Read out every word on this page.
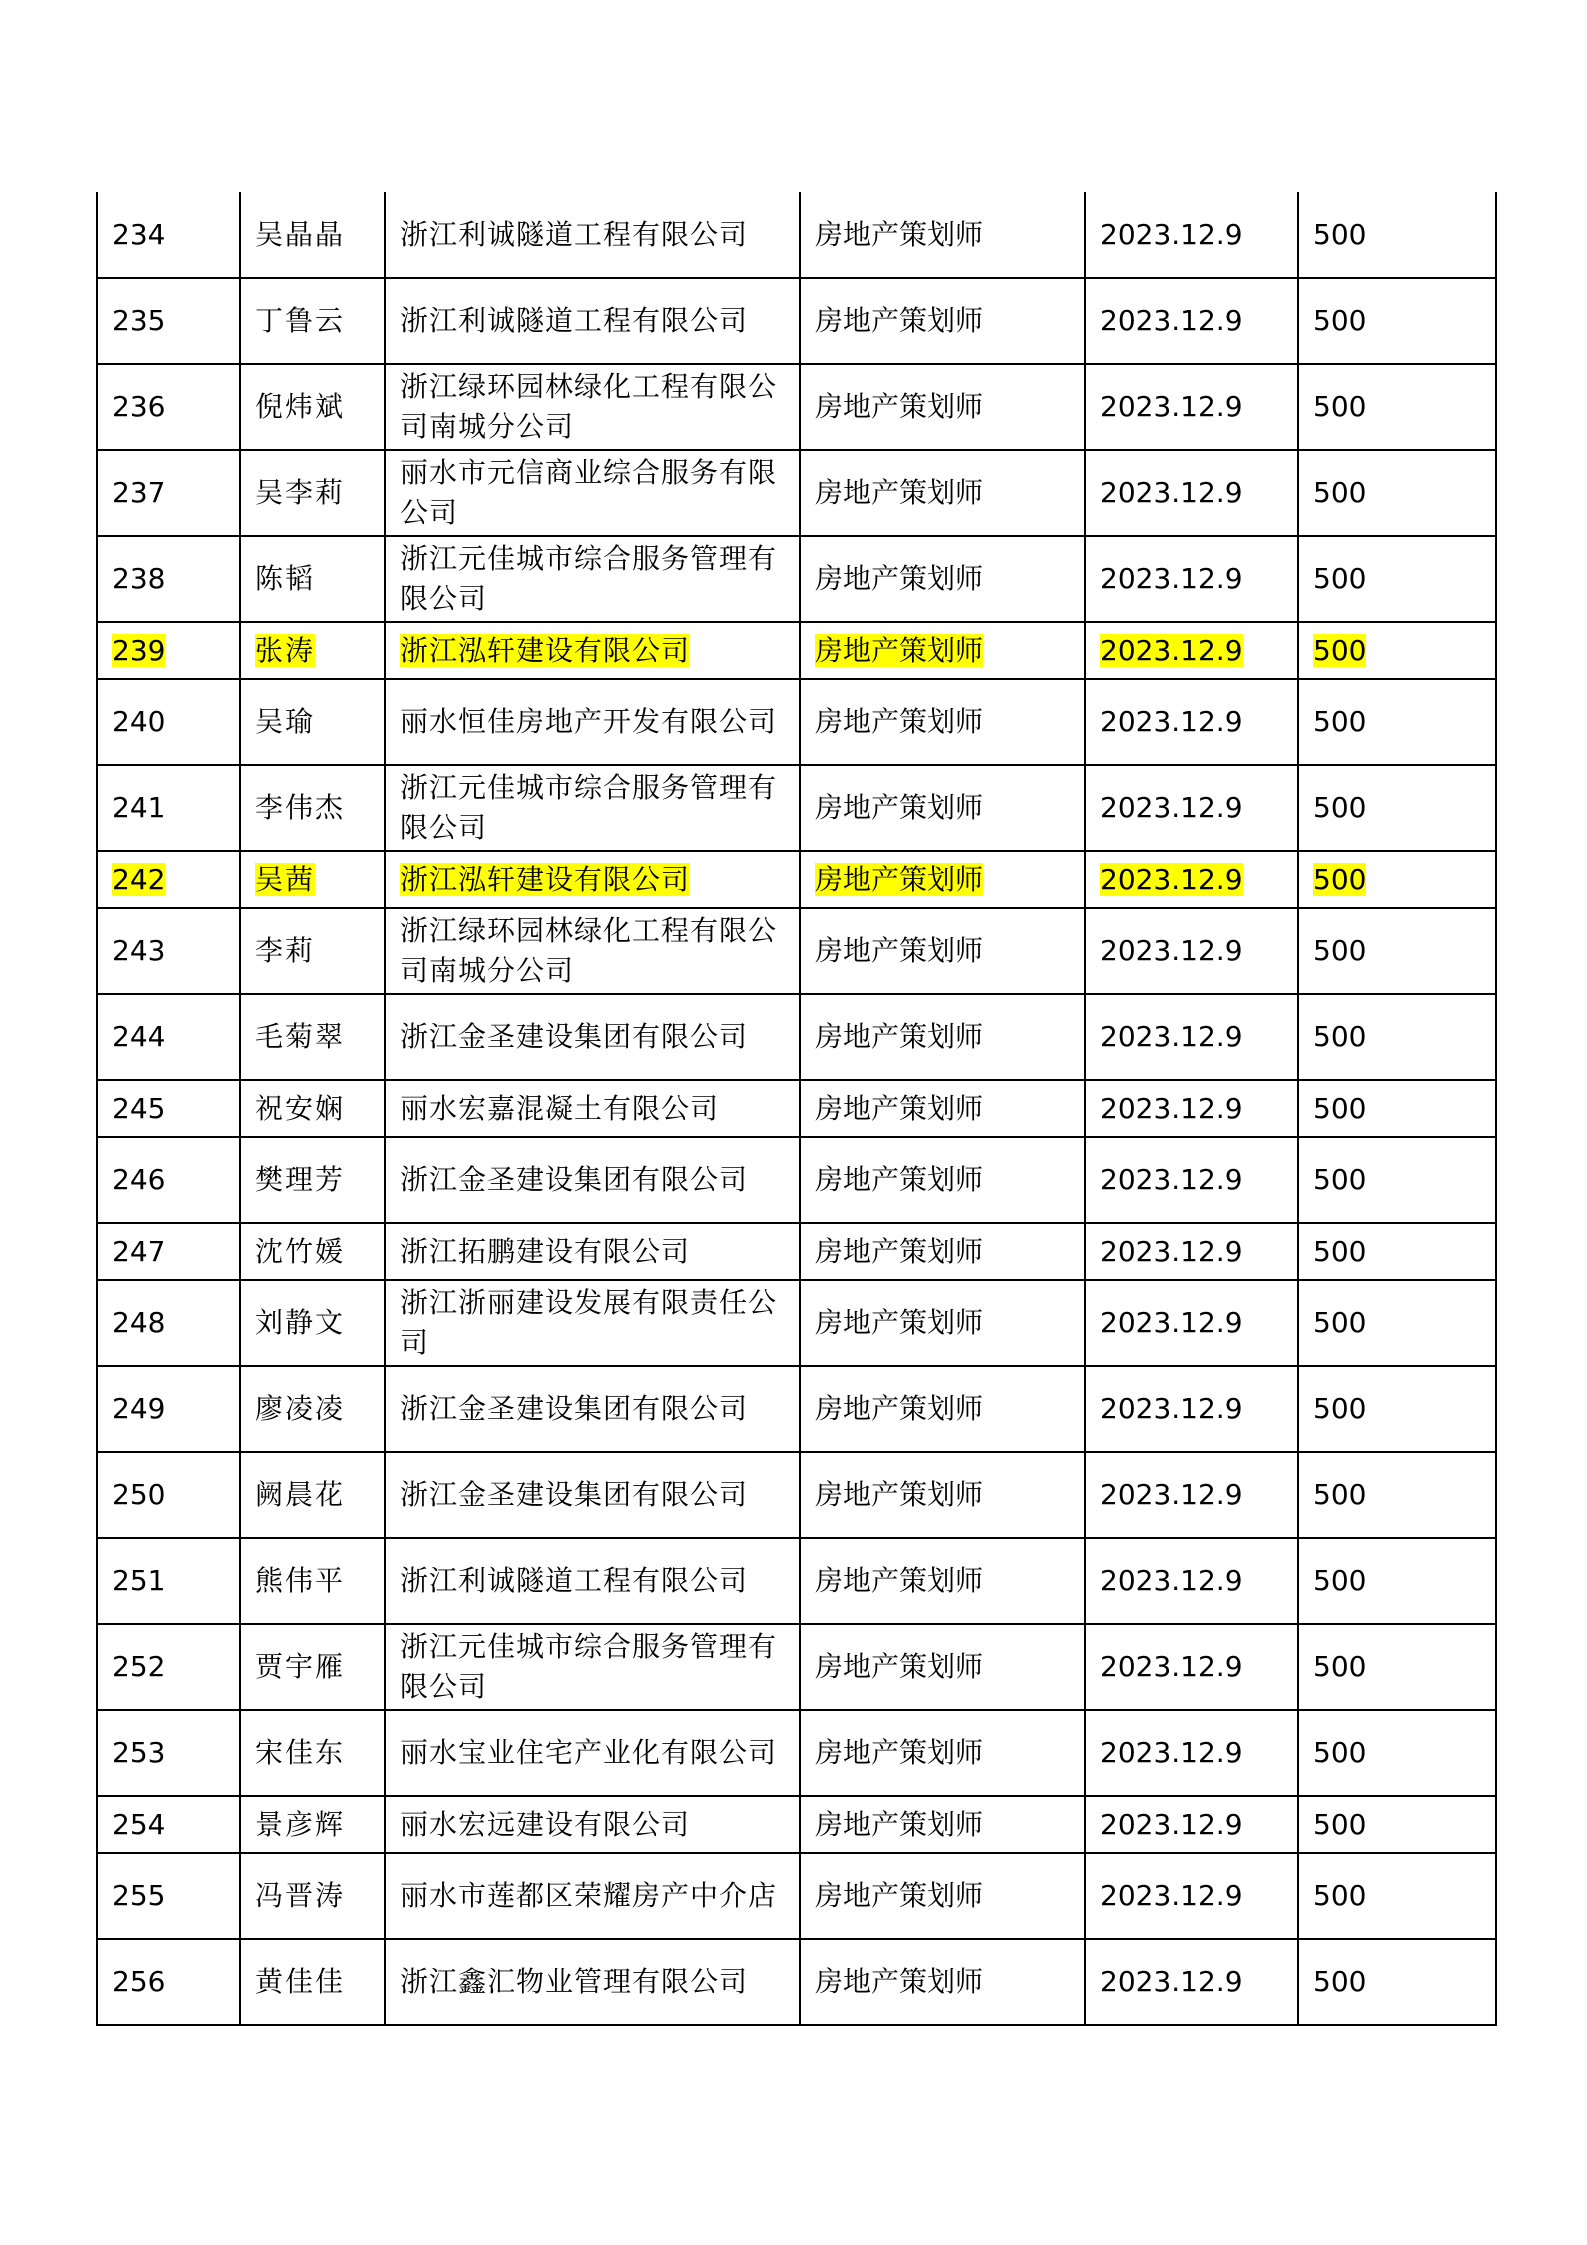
234	吴晶晶	浙江利诚隧道工程有限公司	房地产策划师	2023.12.9	500
235	丁鲁云	浙江利诚隧道工程有限公司	房地产策划师	2023.12.9	500
236	倪炜斌	浙江绿环园林绿化工程有限公司南城分公司	房地产策划师	2023.12.9	500
237	吴李莉	丽水市元信商业综合服务有限公司	房地产策划师	2023.12.9	500
238	陈韬	浙江元佳城市综合服务管理有限公司	房地产策划师	2023.12.9	500
239	张涛	浙江泓轩建设有限公司	房地产策划师	2023.12.9	500
240	吴瑜	丽水恒佳房地产开发有限公司	房地产策划师	2023.12.9	500
241	李伟杰	浙江元佳城市综合服务管理有限公司	房地产策划师	2023.12.9	500
242	吴茜	浙江泓轩建设有限公司	房地产策划师	2023.12.9	500
243	李莉	浙江绿环园林绿化工程有限公司南城分公司	房地产策划师	2023.12.9	500
244	毛菊翠	浙江金圣建设集团有限公司	房地产策划师	2023.12.9	500
245	祝安娴	丽水宏嘉混凝土有限公司	房地产策划师	2023.12.9	500
246	樊理芳	浙江金圣建设集团有限公司	房地产策划师	2023.12.9	500
247	沈竹媛	浙江拓鹏建设有限公司	房地产策划师	2023.12.9	500
248	刘静文	浙江浙丽建设发展有限责任公司	房地产策划师	2023.12.9	500
249	廖凌凌	浙江金圣建设集团有限公司	房地产策划师	2023.12.9	500
250	阙晨花	浙江金圣建设集团有限公司	房地产策划师	2023.12.9	500
251	熊伟平	浙江利诚隧道工程有限公司	房地产策划师	2023.12.9	500
252	贾宇雁	浙江元佳城市综合服务管理有限公司	房地产策划师	2023.12.9	500
253	宋佳东	丽水宝业住宅产业化有限公司	房地产策划师	2023.12.9	500
254	景彦辉	丽水宏远建设有限公司	房地产策划师	2023.12.9	500
255	冯晋涛	丽水市莲都区荣耀房产中介店	房地产策划师	2023.12.9	500
256	黄佳佳	浙江鑫汇物业管理有限公司	房地产策划师	2023.12.9	500
